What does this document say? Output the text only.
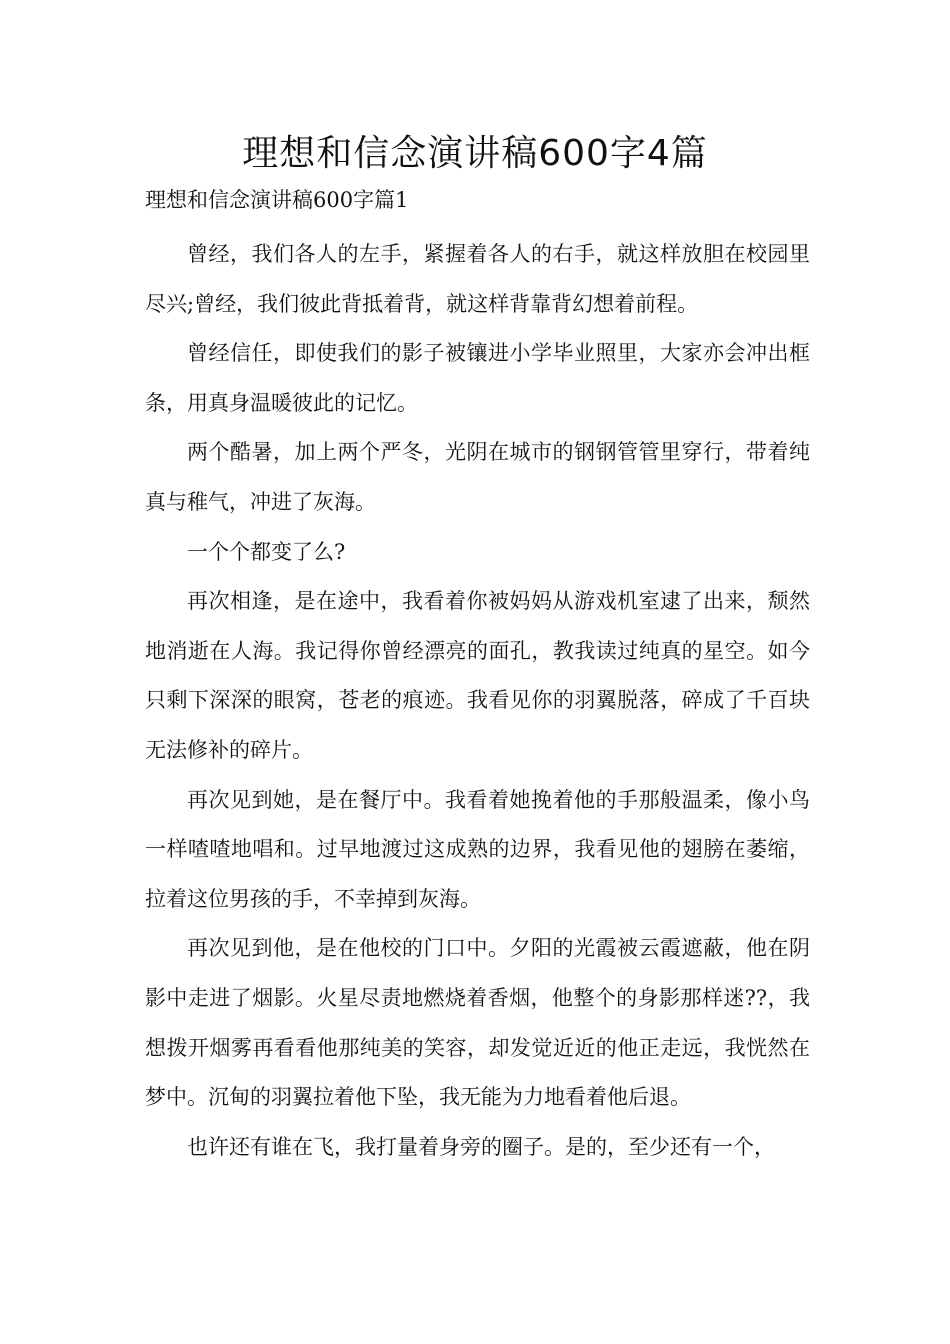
理想和信念演讲稿600字4篇
理想和信念演讲稿600字篇1

曾经，我们各人的左手，紧握着各人的右手，就这样放胆在校园里尽兴;曾经，我们彼此背抵着背，就这样背靠背幻想着前程。

曾经信任，即使我们的影子被镶进小学毕业照里，大家亦会冲出框条，用真身温暖彼此的记忆。

两个酷暑，加上两个严冬，光阴在城市的钢钢管管里穿行，带着纯真与稚气，冲进了灰海。

一个个都变了么?

再次相逢，是在途中，我看着你被妈妈从游戏机室逮了出来，颓然地消逝在人海。我记得你曾经漂亮的面孔，教我读过纯真的星空。如今只剩下深深的眼窝，苍老的痕迹。我看见你的羽翼脱落，碎成了千百块无法修补的碎片。

再次见到她，是在餐厅中。我看着她挽着他的手那般温柔，像小鸟一样喳喳地唱和。过早地渡过这成熟的边界，我看见他的翅膀在萎缩，拉着这位男孩的手，不幸掉到灰海。

再次见到他，是在他校的门口中。夕阳的光霞被云霞遮蔽，他在阴影中走进了烟影。火星尽责地燃烧着香烟，他整个的身影那样迷??，我想拨开烟雾再看看他那纯美的笑容，却发觉近近的他正走远，我恍然在梦中。沉甸的羽翼拉着他下坠，我无能为力地看着他后退。

也许还有谁在飞，我打量着身旁的圈子。是的，至少还有一个，
